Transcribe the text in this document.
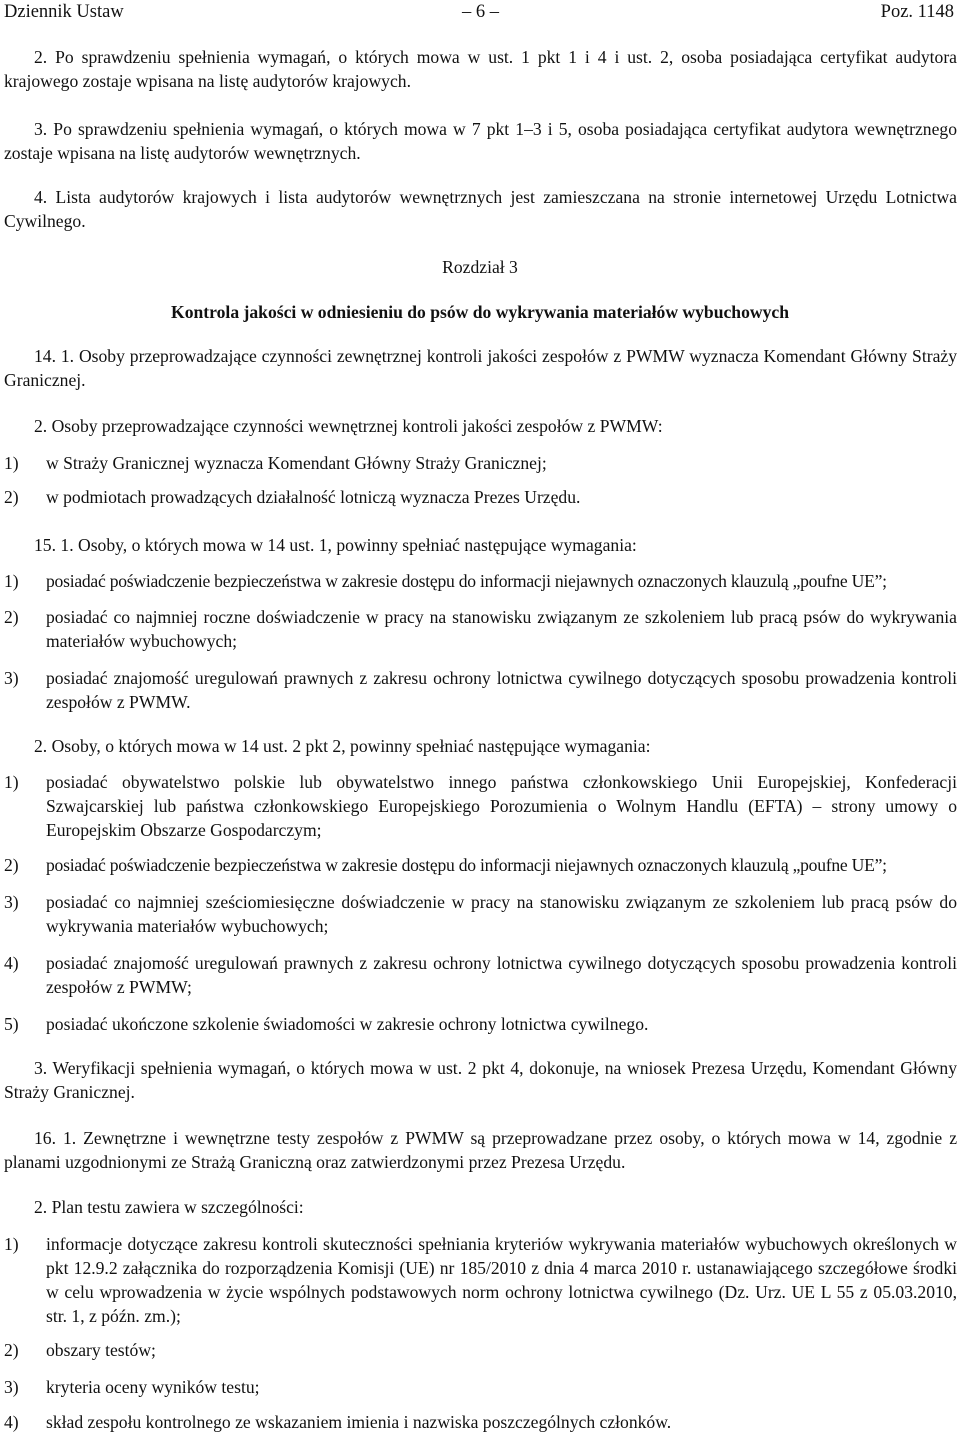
Dziennik Ustaw	– 6 –	Poz. 1148
2. Po sprawdzeniu spełnienia wymagań, o których mowa w ust. 1 pkt 1 i 4 i ust. 2, osoba posiadająca certyfikat audytora krajowego zostaje wpisana na listę audytorów krajowych.
3. Po sprawdzeniu spełnienia wymagań, o których mowa w 7 pkt 1–3 i 5, osoba posiadająca certyfikat audytora wewnętrznego zostaje wpisana na listę audytorów wewnętrznych.
4. Lista audytorów krajowych i lista audytorów wewnętrznych jest zamieszczana na stronie internetowej Urzędu Lotnictwa Cywilnego.
Rozdział 3
Kontrola jakości w odniesieniu do psów do wykrywania materiałów wybuchowych
14. 1. Osoby przeprowadzające czynności zewnętrznej kontroli jakości zespołów z PWMW wyznacza Komendant Główny Straży Granicznej.
2. Osoby przeprowadzające czynności wewnętrznej kontroli jakości zespołów z PWMW:
1) w Straży Granicznej wyznacza Komendant Główny Straży Granicznej;
2) w podmiotach prowadzących działalność lotniczą wyznacza Prezes Urzędu.
15. 1. Osoby, o których mowa w 14 ust. 1, powinny spełniać następujące wymagania:
1) posiadać poświadczenie bezpieczeństwa w zakresie dostępu do informacji niejawnych oznaczonych klauzulą „poufne UE”;
2) posiadać co najmniej roczne doświadczenie w pracy na stanowisku związanym ze szkoleniem lub pracą psów do wykrywania materiałów wybuchowych;
3) posiadać znajomość uregulowań prawnych z zakresu ochrony lotnictwa cywilnego dotyczących sposobu prowadzenia kontroli zespołów z PWMW.
2. Osoby, o których mowa w 14 ust. 2 pkt 2, powinny spełniać następujące wymagania:
1) posiadać obywatelstwo polskie lub obywatelstwo innego państwa członkowskiego Unii Europejskiej, Konfederacji Szwajcarskiej lub państwa członkowskiego Europejskiego Porozumienia o Wolnym Handlu (EFTA) – strony umowy o Europejskim Obszarze Gospodarczym;
2) posiadać poświadczenie bezpieczeństwa w zakresie dostępu do informacji niejawnych oznaczonych klauzulą „poufne UE”;
3) posiadać co najmniej sześciomiesięczne doświadczenie w pracy na stanowisku związanym ze szkoleniem lub pracą psów do wykrywania materiałów wybuchowych;
4) posiadać znajomość uregulowań prawnych z zakresu ochrony lotnictwa cywilnego dotyczących sposobu prowadzenia kontroli zespołów z PWMW;
5) posiadać ukończone szkolenie świadomości w zakresie ochrony lotnictwa cywilnego.
3. Weryfikacji spełnienia wymagań, o których mowa w ust. 2 pkt 4, dokonuje, na wniosek Prezesa Urzędu, Komendant Główny Straży Granicznej.
16. 1. Zewnętrzne i wewnętrzne testy zespołów z PWMW są przeprowadzane przez osoby, o których mowa w 14, zgodnie z planami uzgodnionymi ze Strażą Graniczną oraz zatwierdzonymi przez Prezesa Urzędu.
2. Plan testu zawiera w szczególności:
1) informacje dotyczące zakresu kontroli skuteczności spełniania kryteriów wykrywania materiałów wybuchowych określonych w pkt 12.9.2 załącznika do rozporządzenia Komisji (UE) nr 185/2010 z dnia 4 marca 2010 r. ustanawiającego szczegółowe środki w celu wprowadzenia w życie wspólnych podstawowych norm ochrony lotnictwa cywilnego (Dz. Urz. UE L 55 z 05.03.2010, str. 1, z późn. zm.);
2) obszary testów;
3) kryteria oceny wyników testu;
4) skład zespołu kontrolnego ze wskazaniem imienia i nazwiska poszczególnych członków.
